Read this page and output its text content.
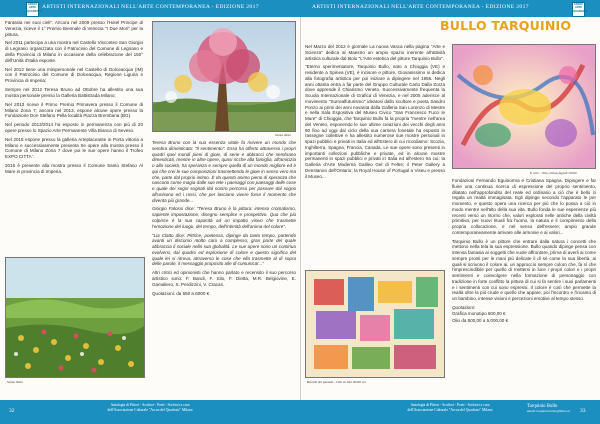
ASSOC
ARTE
QUADRATO
ARTISTI INTERNAZIONALI NELL'ARTE CONTEMPORANEA - EDIZIONE 2017

Fantasia nei suoi cieli". Ancora nel 2009 presso l'Hotel Principe di Venezia, riceve il 1° Premio Biennale di Venezia "I Due Mori" per la pittura.

Nel 2011 partecipa a una mostra nel Castello Visconteo San Giorgio di Legnano organizzata con il Patrocinio del Comune di Legnano e della Provincia di Milano in occasione della celebrazione del 150° dell'Unità d'Italia esposte.

Nel 2012 tiene una minipersonale nel Castello di Dolceacqua (IM) con il Patrocinio del Comune di Dolceacqua, Regione Liguria e Provincia di Imperia;

Sempre nel 2012 Teresa Bruno ad Ottobre ha allestito una sua mostra personale presso la Galleria Battistrada Milano;

Nel 2013 riceve il Primo Premio Primavera presso il Comune di Milano Zona 7; ancora nel 2013, espone alcune opere presso la Fondazione Don Stefano Pella località Piazza Brembana (BG).

Nel periodo 2013/2014 ha esposto in permanenza con più di 20 opere presso lo Spazio Arte Permanente Villa Bianca di Seveso.

Nel 2015 espone presso la galleria Arteplaceante in Porta vittoria a Milano e successivamente presenta tre opere alla mostra presso il Comune di Milano Zona 7 dove poi le sue opere hanno il Trofeo EXPO CITTA'.

2016 è presente alla mostra presso il Comune Santo Stefano Al Mare in provincia di Imperia.

Senza titolo

Teresa Bruno con la sua essenza vitale fa rivivere un mondo che sembra dimenticato: "Il sentimento". Essa ha offerto attraverso i propri quadri quei mondi pieni di gioie, di serie e abbracci che sembrano dimenticati, mentre in altre opere, quasi ricche alla famiglia, all'amicizia o alla società, ha speranza e sempre quella di un mondo migliore ed è qui che crei le sue composizioni trasmettendo le gioie in senso vero ma che, parte dal proprio intimo. È da questo animo pieno di speranza che nascono come magia dalle sue tele i paesaggi con paesaggi delle cose e quale dei sogni sognati dal nostro percorso per passare dal sogno all'unisono ed i rossi, che per lasciano vivere forse il momento che diventa più grande...

Giorgio Falossi dice: "Teresa Bruno è la pittura: intenso cromatismo, sapiente impostazione, disegno semplice e prospettivo. Qua che più colpisce è la sua capacità ad un impatto visivo che trasmette l'emozione del luogo, del tempo, dell'intimità dell'anima del colore".

"Lia Clatto dice: Pittrice, poetessa, dipinge da tanto tempo, partendo avanti un discorso molto caro a complesso, gran parte del quale abbraccia il sociale nella sua globalità. Le sue opere sono un continuo evolversi, dal quadro ed esplosione di colore e questo significa del quale lei si ritrova, attraverso le cose che ella trasmette al di sopra delle parole, il messaggio proposito alle di comunicar..."

Altri critici ed opinionisti che hanno parlato e recensito il suo percorso artistico sono: F. Bandi, F. Silo, F. Dietta, M.R. Belgiovine, E. Gamaliero, S. Perdizzini, V. Cracas.

Quotazioni: da 550 a 6000 €

Senza titolo
32
Antologia di Pittori - Scultori - Poeti - Scrittori a cura
dell'Associazione Culturale "Arcoa del Quadrato" Milano
ARTISTI INTERNAZIONALI NELL'ARTE CONTEMPORANEA - EDIZIONE 2017	ASSOC
ARTE
QUADRATO
BULLO TARQUINIO

Nel Marzo del 2012 è giornale La nuova Vasca nella pagina "Arte e Scienza" dedica al Maestro un ampio spazio inerente all'attività artistica culturale dal titolo "L'Arte estetica del pittore Tarquinio Bullo".

"Eterno sperimentatore, Tarquinio Bullo, nato a Chioggia (VE) e residente a Spinea (VE), è incisore e pittore. Giovanissimo si dedica alla fotografia artistica per poi iniziare a dipingere nel 1956. Negli anni ottanta entra a far parte del Gruppo Culturale Carlo Dalla Zorza dove apprende il Chiarismo Veneto. Successivamente frequenta la Scuola Internazionale di Grafica di Venezia, e nel 2005 aderisce al movimento "Surrealfuturismo" ideatosi dallo scultore e poeta Sandro Ponzo ai primi dei anni novanta dalla Galleria San Lorenzo di Mestre e nella Sala Espositiva del Museo Civico "San Francesco Fucci le Mure" di Chioggia, che Tarquinio Bullo fa la propria "mentre nell'area del Veneto, esponendo le sue ultime creazioni dei vecchi degli anni 90 fino ad oggi dal ciclo della sua carriera fonetale ha esposto in rassegne collettive e ha allestito numerose sue mostre personali in spazi pubblici e privati in Italia ed all'Estero di cui ricordiamo: Scozia, Inghilterra, Spagna, Francia, Canada. Le sue opere sono presenti in importanti collezioni pubbliche e private, ed in alcune mostre permanenti in spazi pubblici e privati in Italia ed all'estero tra cui: la Galleria d'Arte Moderna Galileo Gel di Feltre; il Peter Gallery a Denstanon dell'Ontario; la Royal House of Portugal a Viseu e presso il Museo...

Il volo - Olio, ottava fagioli 50x90
Ricordi del passato - Olio su tela 40x60 cm

Fondazioni Fernando Eguinorma e Cristiana Spagna. Dipingere e far fluire una continua ricerca di espressione del proprio sentimento, dilatato nell'approfondito del reale ed ordinario a ciò che è bello ci regala un realtà immaginata. Egli dipinge secondo l'apparato le per momento, e questo opera una ricerca per più che lo possa a ciò in modo mentre nell'alto della sua vita. Bullo fonda le sue esperienze più recenti verso un ritorno che, valori esplorati nelle antiche della civiltà primitiva, per nuovi rituali fra l'uomo, la natura e il compimento della propria collocazione, e nel senso dell'essere; ampio grande contemporaneamente arrivare alle armonie e ai valori...

Tarquinio Bullo è un pittore che entrare dalla natura i concetti che mettono nella tela la sua espressione. Bullo quando dipinge pensa con intensa fantasia ai soggetti che vuole affrontare, prima di averli ai come sempre pronti per le mani più delicate il di sé come la sua libertà, ai quali si scrivono il colore ai, un approccio sempre coloro che, fa sì che l'imprescindibile per quello di mettersi in luce i propri colori e i propri sentimenti e coinvolgere nella formazione di personaggio con tradizione in forte conflitto la pittura di cui si fa sentire i suoi parlamenti e i sentimenti con cui sono espressi. Il colore è così che permette la realtà oltre la più crude e quello che appare, poi l'incontro e l'incanto di un bambino, intense visioni e percezioni emotive al tempo stesso.

Quotazioni:

Grafica monotipo 600,00 €

Olio da 800,00 a 5.000,00 €

Antologia di Pittori - Scultori - Poeti - Scrittori a cura
dell'Associazione Culturale "Arcoa del Quadrato" Milano
Tarquinio Bullo
email: tarquinio.bullo@libero.it 33
